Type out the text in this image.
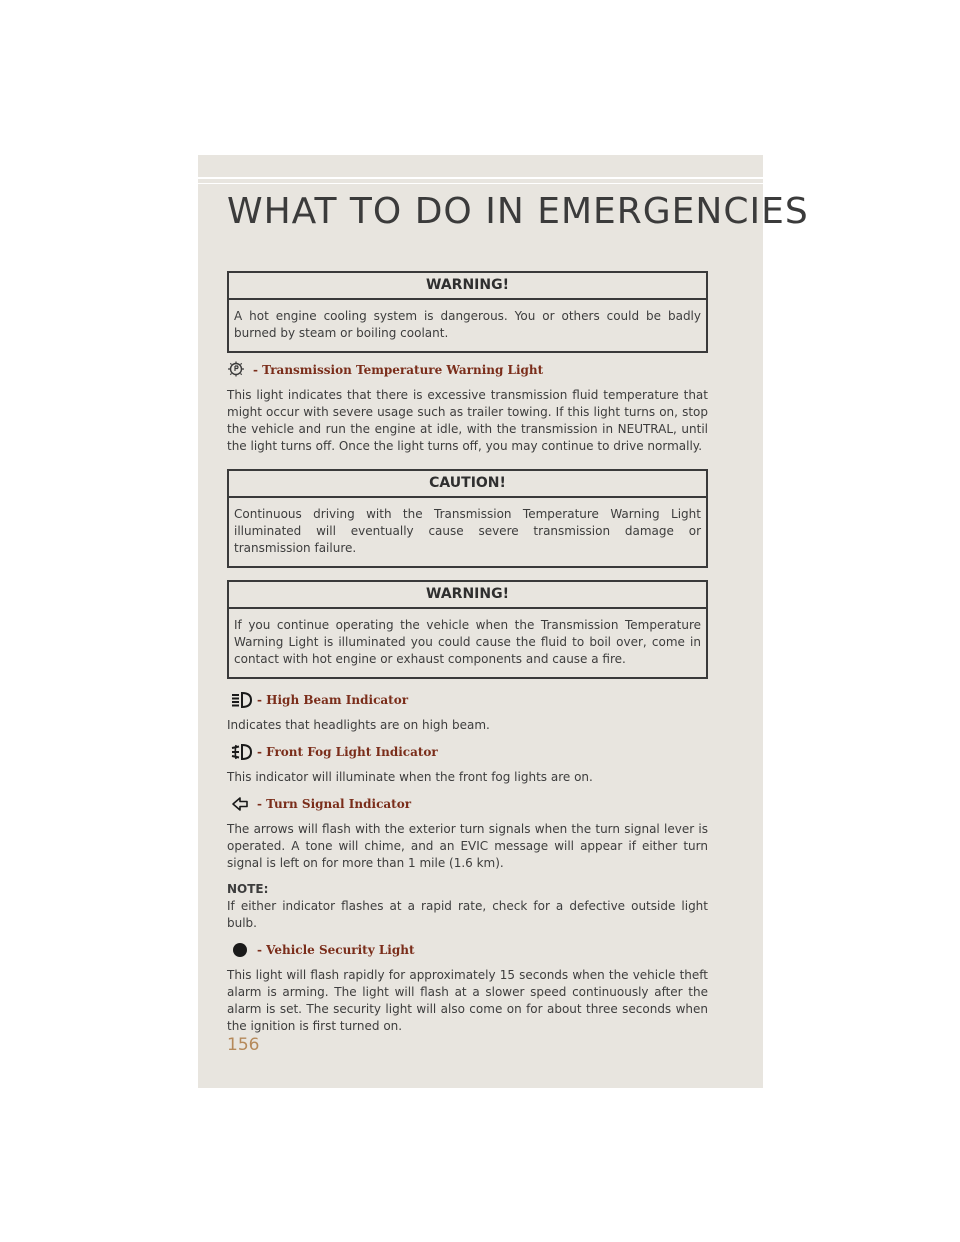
WHAT TO DO IN EMERGENCIES
WARNING!
A hot engine cooling system is dangerous. You or others could be badly burned by steam or boiling coolant.
- Transmission Temperature Warning Light

This light indicates that there is excessive transmission fluid temperature that might occur with severe usage such as trailer towing. If this light turns on, stop the vehicle and run the engine at idle, with the transmission in NEUTRAL, until the light turns off. Once the light turns off, you may continue to drive normally.

CAUTION!
Continuous driving with the Transmission Temperature Warning Light illuminated will eventually cause severe transmission damage or transmission failure.
WARNING!
If you continue operating the vehicle when the Transmission Temperature Warning Light is illuminated you could cause the fluid to boil over, come in contact with hot engine or exhaust components and cause a fire.
- High Beam Indicator

Indicates that headlights are on high beam.

- Front Fog Light Indicator

This indicator will illuminate when the front fog lights are on.

- Turn Signal Indicator

The arrows will flash with the exterior turn signals when the turn signal lever is operated. A tone will chime, and an EVIC message will appear if either turn signal is left on for more than 1 mile (1.6 km).

NOTE:

If either indicator flashes at a rapid rate, check for a defective outside light bulb.

- Vehicle Security Light

This light will flash rapidly for approximately 15 seconds when the vehicle theft alarm is arming. The light will flash at a slower speed continuously after the alarm is set. The security light will also come on for about three seconds when the ignition is first turned on.

156
